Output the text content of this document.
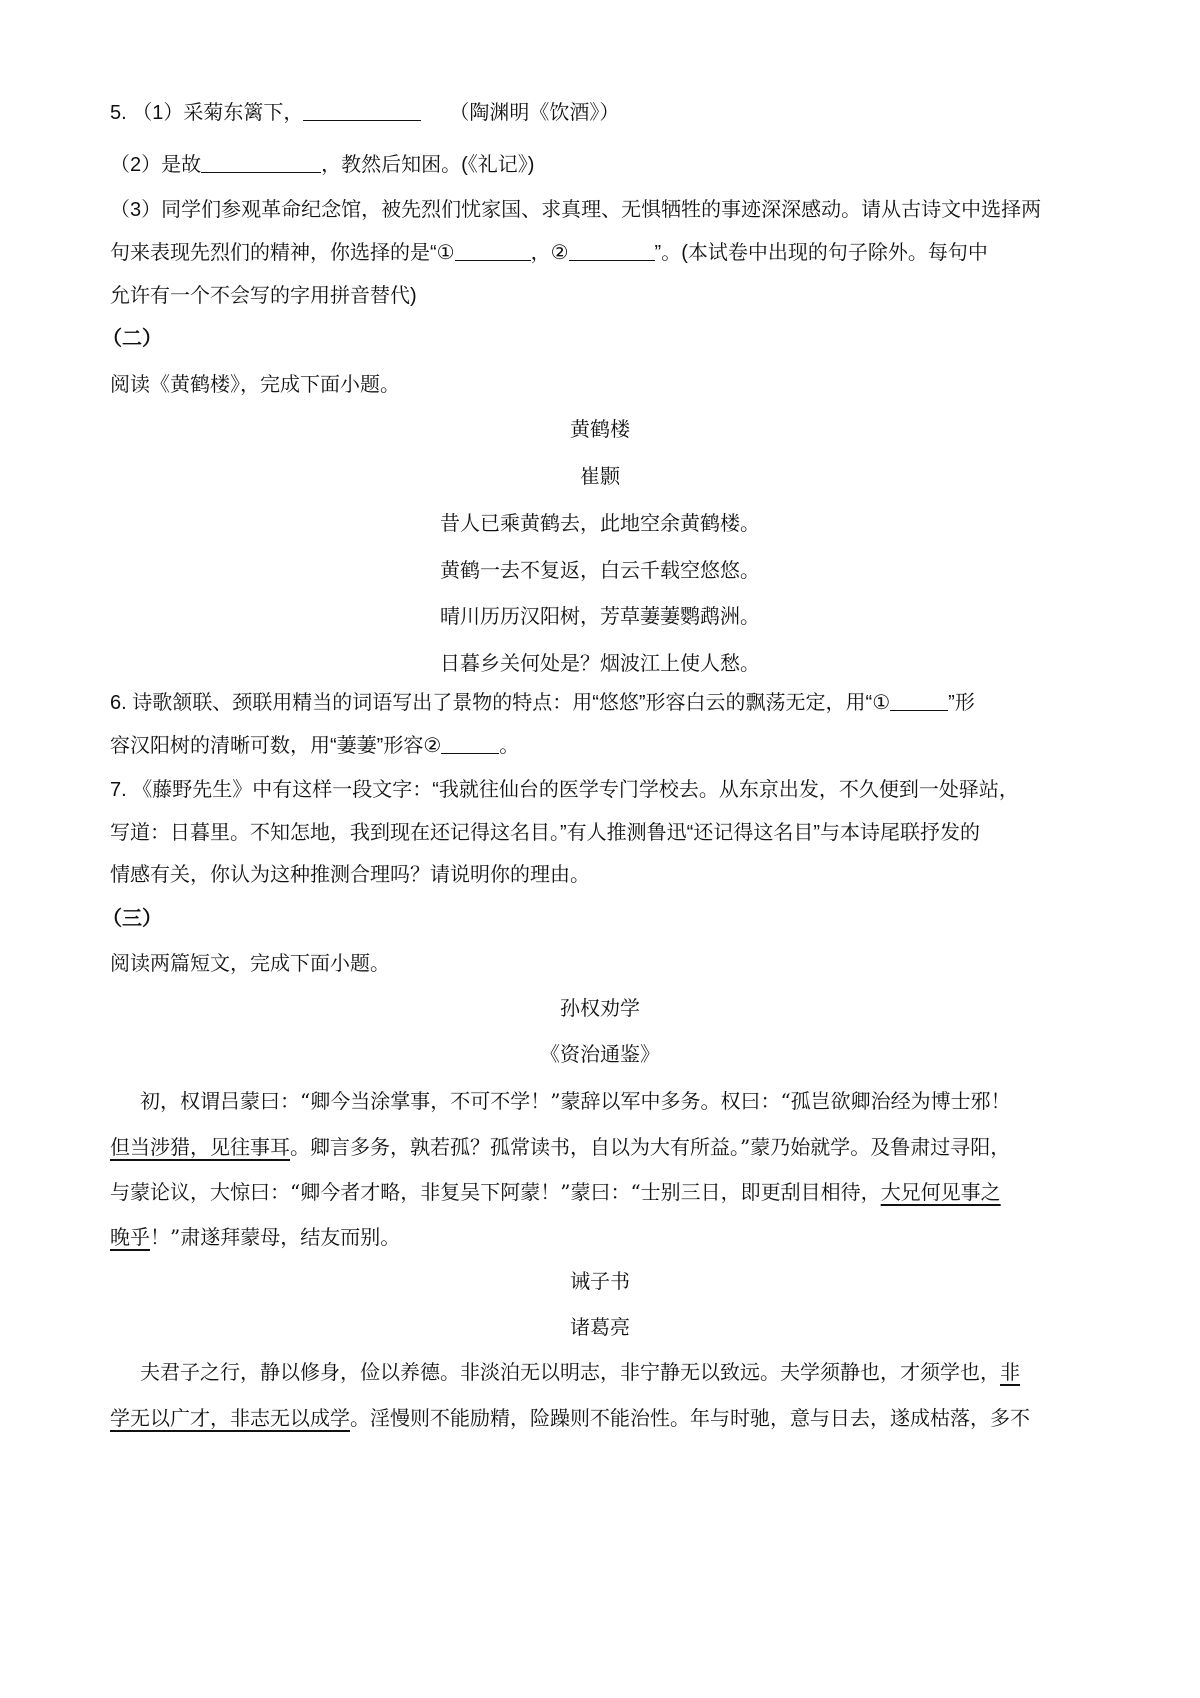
5. （1）采菊东篱下，	（陶渊明《饮酒》）
（2）是故	，教然后知困。(《礼记》)
（3）同学们参观革命纪念馆，被先烈们忧家国、求真理、无惧牺牲的事迹深深感动。请从古诗文中选择两
句来表现先烈们的精神，你选择的是“①	，②	”。(本试卷中出现的句子除外。每句中
允许有一个不会写的字用拼音替代)
（二）
阅读《黄鹤楼》，完成下面小题。
黄鹤楼
崔颢
昔人已乘黄鹤去，此地空余黄鹤楼。
黄鹤一去不复返，白云千载空悠悠。
晴川历历汉阳树，芳草萋萋鹦鹉洲。
日暮乡关何处是？烟波江上使人愁。
6. 诗歌颔联、颈联用精当的词语写出了景物的特点：用“悠悠”形容白云的飘荡无定，用“①	”形
容汉阳树的清晰可数，用“萋萋”形容②	。
7. 《藤野先生》中有这样一段文字：“我就往仙台的医学专门学校去。从东京出发，不久便到一处驿站，
写道：日暮里。不知怎地，我到现在还记得这名目。”有人推测鲁迅“还记得这名目”与本诗尾联抒发的
情感有关，你认为这种推测合理吗？请说明你的理由。
（三）
阅读两篇短文，完成下面小题。
孙权劝学
《资治通鉴》
初，权谓吕蒙曰：“卿今当涂掌事，不可不学！”蒙辞以军中多务。权曰：“孤岂欲卿治经为博士邪！
但当涉猎，见往事耳。卿言多务，孰若孤？孤常读书，自以为大有所益。”蒙乃始就学。及鲁肃过寻阳，
与蒙论议，大惊曰：“卿今者才略，非复吴下阿蒙！”蒙曰：“士别三日，即更刮目相待，大兄何见事之
晚乎！”肃遂拜蒙母，结友而别。
诫子书
诸葛亮
夫君子之行，静以修身，俭以养德。非淡泊无以明志，非宁静无以致远。夫学须静也，才须学也，非
学无以广才，非志无以成学。淫慢则不能励精，险躁则不能治性。年与时驰，意与日去，遂成枯落，多不
